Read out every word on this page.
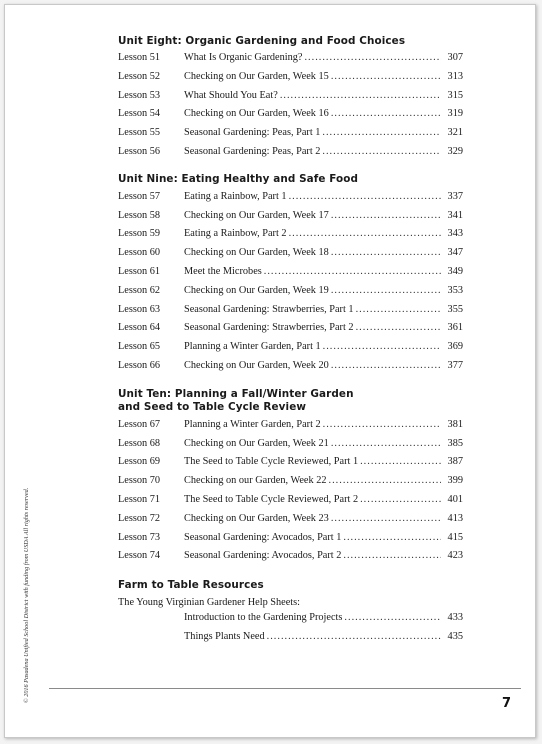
Unit Eight: Organic Gardening and Food Choices
Lesson 51	What Is Organic Gardening? .....	307
Lesson 52	Checking on Our Garden, Week 15 .....	313
Lesson 53	What Should You Eat? .....	315
Lesson 54	Checking on Our Garden, Week 16 .....	319
Lesson 55	Seasonal Gardening: Peas, Part 1 .....	321
Lesson 56	Seasonal Gardening: Peas, Part 2 .....	329
Unit Nine: Eating Healthy and Safe Food
Lesson 57	Eating a Rainbow, Part 1 .....	337
Lesson 58	Checking on Our Garden, Week 17 .....	341
Lesson 59	Eating a Rainbow, Part 2 .....	343
Lesson 60	Checking on Our Garden, Week 18 .....	347
Lesson 61	Meet the Microbes .....	349
Lesson 62	Checking on Our Garden, Week 19 .....	353
Lesson 63	Seasonal Gardening: Strawberries, Part 1 .....	355
Lesson 64	Seasonal Gardening: Strawberries, Part 2 .....	361
Lesson 65	Planning a Winter Garden, Part 1 .....	369
Lesson 66	Checking on Our Garden, Week 20 .....	377
Unit Ten: Planning a Fall/Winter Garden
and Seed to Table Cycle Review
Lesson 67	Planning a Winter Garden, Part 2 .....	381
Lesson 68	Checking on Our Garden, Week 21 .....	385
Lesson 69	The Seed to Table Cycle Reviewed, Part 1 .....	387
Lesson 70	Checking on our Garden, Week 22 .....	399
Lesson 71	The Seed to Table Cycle Reviewed, Part 2 .....	401
Lesson 72	Checking on Our Garden, Week 23 .....	413
Lesson 73	Seasonal Gardening: Avocados, Part 1 .....	415
Lesson 74	Seasonal Gardening: Avocados, Part 2 .....	423
Farm to Table Resources
The Young Virginian Gardener Help Sheets:
Introduction to the Gardening Projects .....	433
Things Plants Need .....	435
© 2016 Pasadena Unified School District with funding from USDA All rights reserved.
7
